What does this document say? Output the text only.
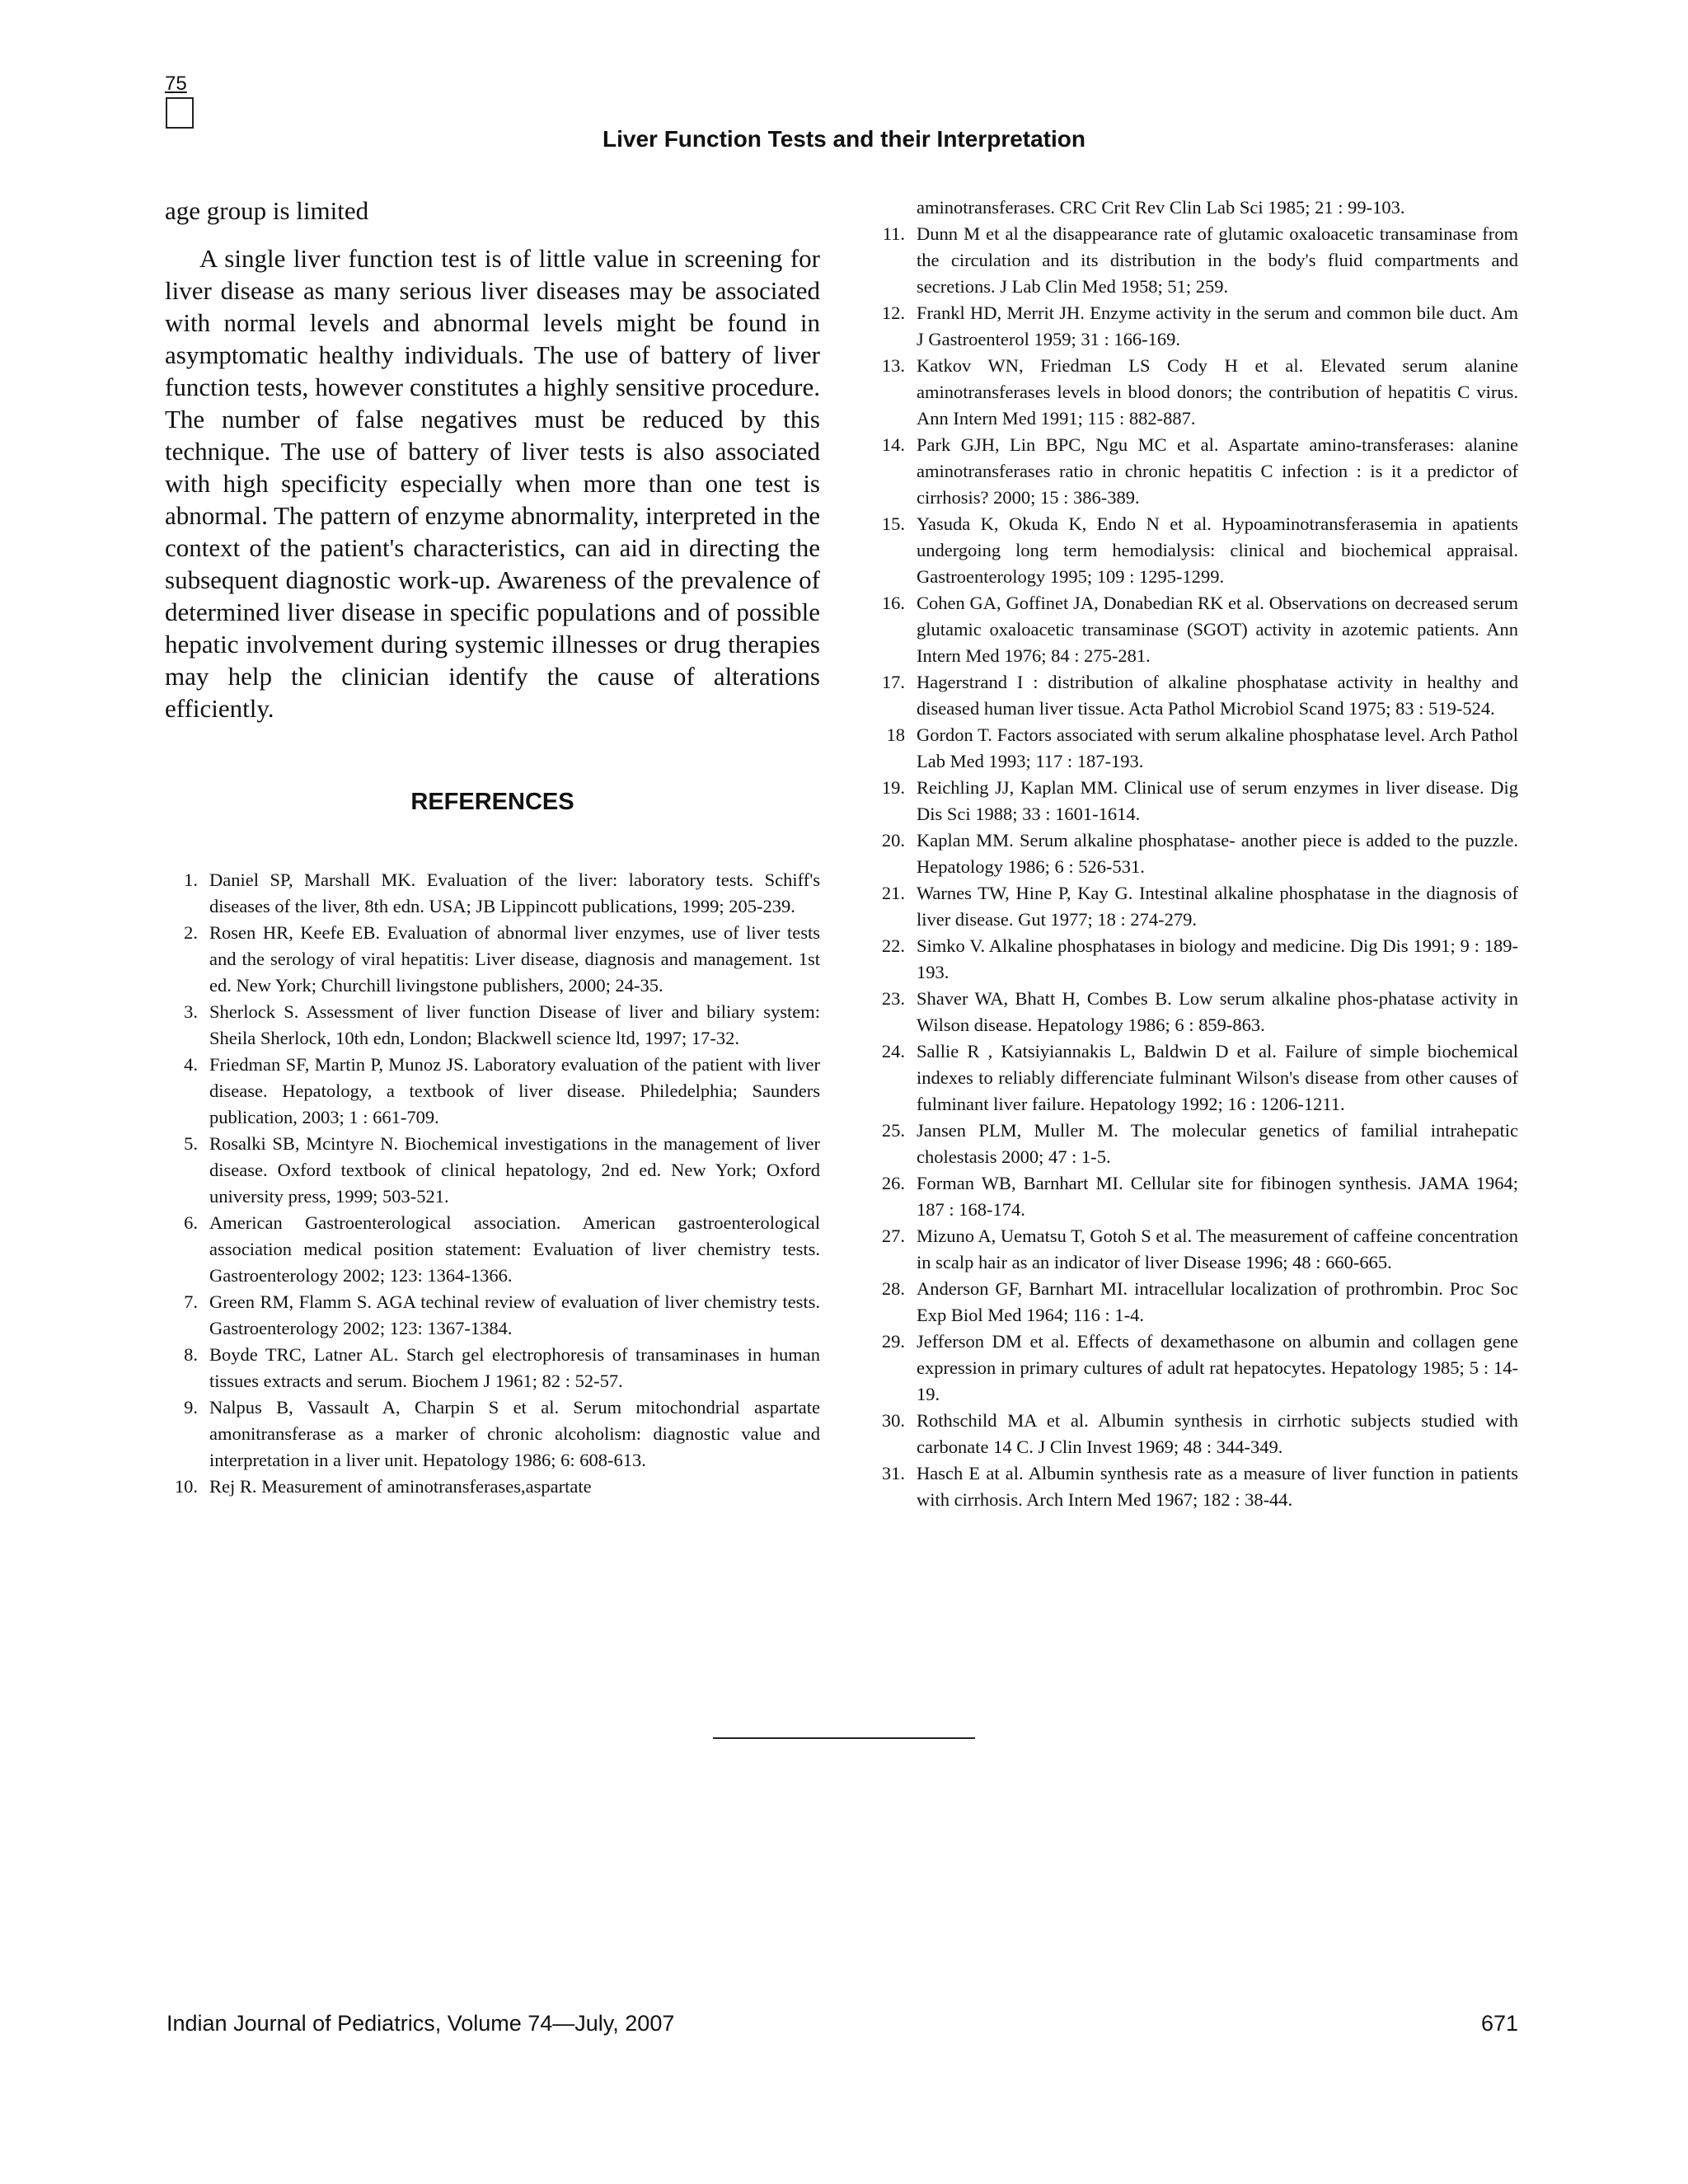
75
Liver Function Tests and their Interpretation

age group is limited

A single liver function test is of little value in screening for liver disease as many serious liver diseases may be associated with normal levels and abnormal levels might be found in asymptomatic healthy individuals. The use of battery of liver function tests, however constitutes a highly sensitive procedure. The number of false negatives must be reduced by this technique. The use of battery of liver tests is also associated with high specificity especially when more than one test is abnormal. The pattern of enzyme abnormality, interpreted in the context of the patient's characteristics, can aid in directing the subsequent diagnostic work-up. Awareness of the prevalence of determined liver disease in specific populations and of possible hepatic involvement during systemic illnesses or drug therapies may help the clinician identify the cause of alterations efficiently.

REFERENCES
1. Daniel SP, Marshall MK. Evaluation of the liver: laboratory tests. Schiff's diseases of the liver, 8th edn. USA; JB Lippincott publications, 1999; 205-239.
2. Rosen HR, Keefe EB. Evaluation of abnormal liver enzymes, use of liver tests and the serology of viral hepatitis: Liver disease, diagnosis and management. 1st ed. New York; Churchill livingstone publishers, 2000; 24-35.
3. Sherlock S. Assessment of liver function Disease of liver and biliary system: Sheila Sherlock, 10th edn, London; Blackwell science ltd, 1997; 17-32.
4. Friedman SF, Martin P, Munoz JS. Laboratory evaluation of the patient with liver disease. Hepatology, a textbook of liver disease. Philedelphia; Saunders publication, 2003; 1 : 661-709.
5. Rosalki SB, Mcintyre N. Biochemical investigations in the management of liver disease. Oxford textbook of clinical hepatology, 2nd ed. New York; Oxford university press, 1999; 503-521.
6. American Gastroenterological association. American gastroenterological association medical position statement: Evaluation of liver chemistry tests. Gastroenterology 2002; 123: 1364-1366.
7. Green RM, Flamm S. AGA techinal review of evaluation of liver chemistry tests. Gastroenterology 2002; 123: 1367-1384.
8. Boyde TRC, Latner AL. Starch gel electrophoresis of transaminases in human tissues extracts and serum. Biochem J 1961; 82 : 52-57.
9. Nalpus B, Vassault A, Charpin S et al. Serum mitochondrial aspartate amonitransferase as a marker of chronic alcoholism: diagnostic value and interpretation in a liver unit. Hepatology 1986; 6: 608-613.
10. Rej R. Measurement of aminotransferases,aspartate
aminotransferases. CRC Crit Rev Clin Lab Sci 1985; 21 : 99-103.
11. Dunn M et al the disappearance rate of glutamic oxaloacetic transaminase from the circulation and its distribution in the body's fluid compartments and secretions. J Lab Clin Med 1958; 51; 259.
12. Frankl HD, Merrit JH. Enzyme activity in the serum and common bile duct. Am J Gastroenterol 1959; 31 : 166-169.
13. Katkov WN, Friedman LS Cody H et al. Elevated serum alanine aminotransferases levels in blood donors; the contribution of hepatitis C virus. Ann Intern Med 1991; 115 : 882-887.
14. Park GJH, Lin BPC, Ngu MC et al. Aspartate amino-transferases: alanine aminotransferases ratio in chronic hepatitis C infection : is it a predictor of cirrhosis? 2000; 15 : 386-389.
15. Yasuda K, Okuda K, Endo N et al. Hypoaminotransferasemia in apatients undergoing long term hemodialysis: clinical and biochemical appraisal. Gastroenterology 1995; 109 : 1295-1299.
16. Cohen GA, Goffinet JA, Donabedian RK et al. Observations on decreased serum glutamic oxaloacetic transaminase (SGOT) activity in azotemic patients. Ann Intern Med 1976; 84 : 275-281.
17. Hagerstrand I : distribution of alkaline phosphatase activity in healthy and diseased human liver tissue. Acta Pathol Microbiol Scand 1975; 83 : 519-524.
18 Gordon T. Factors associated with serum alkaline phosphatase level. Arch Pathol Lab Med 1993; 117 : 187-193.
19. Reichling JJ, Kaplan MM. Clinical use of serum enzymes in liver disease. Dig Dis Sci 1988; 33 : 1601-1614.
20. Kaplan MM. Serum alkaline phosphatase- another piece is added to the puzzle. Hepatology 1986; 6 : 526-531.
21. Warnes TW, Hine P, Kay G. Intestinal alkaline phosphatase in the diagnosis of liver disease. Gut 1977; 18 : 274-279.
22. Simko V. Alkaline phosphatases in biology and medicine. Dig Dis 1991; 9 : 189-193.
23. Shaver WA, Bhatt H, Combes B. Low serum alkaline phos-phatase activity in Wilson disease. Hepatology 1986; 6 : 859-863.
24. Sallie R , Katsiyiannakis L, Baldwin D et al. Failure of simple biochemical indexes to reliably differenciate fulminant Wilson's disease from other causes of fulminant liver failure. Hepatology 1992; 16 : 1206-1211.
25. Jansen PLM, Muller M. The molecular genetics of familial intrahepatic cholestasis 2000; 47 : 1-5.
26. Forman WB, Barnhart MI. Cellular site for fibinogen synthesis. JAMA 1964; 187 : 168-174.
27. Mizuno A, Uematsu T, Gotoh S et al. The measurement of caffeine concentration in scalp hair as an indicator of liver Disease 1996; 48 : 660-665.
28. Anderson GF, Barnhart MI. intracellular localization of prothrombin. Proc Soc Exp Biol Med 1964; 116 : 1-4.
29. Jefferson DM et al. Effects of dexamethasone on albumin and collagen gene expression in primary cultures of adult rat hepatocytes. Hepatology 1985; 5 : 14-19.
30. Rothschild MA et al. Albumin synthesis in cirrhotic subjects studied with carbonate 14 C. J Clin Invest 1969; 48 : 344-349.
31. Hasch E at al. Albumin synthesis rate as a measure of liver function in patients with cirrhosis. Arch Intern Med 1967; 182 : 38-44.
Indian Journal of Pediatrics, Volume 74—July, 2007	671
